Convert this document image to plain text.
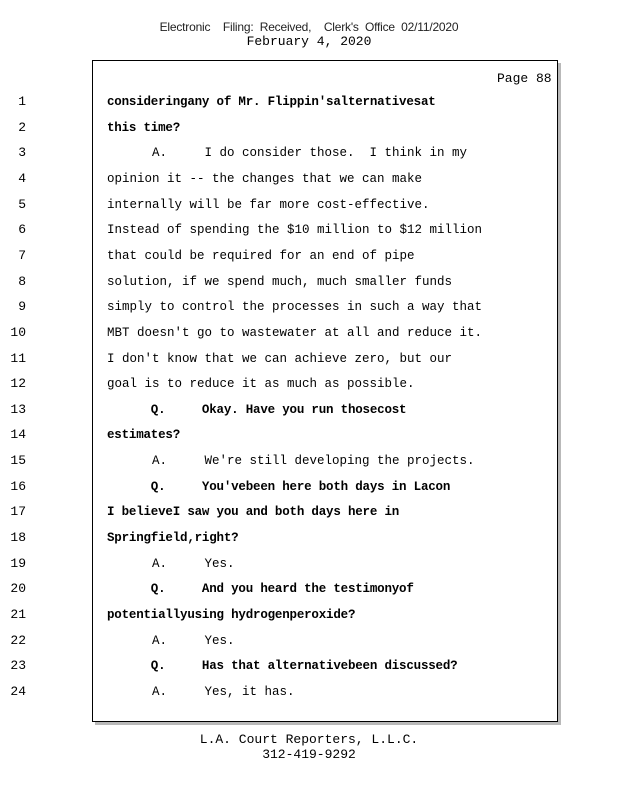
Electronic    Filing:  Received,    Clerk's  Office  02/11/2020
February 4, 2020
Page 88
1	consideringany of Mr. Flippin'salternativesat
2	this time?
3	A.     I do consider those.  I think in my
4	opinion it -- the changes that we can make
5	internally will be far more cost-effective.
6	Instead of spending the $10 million to $12 million
7	that could be required for an end of pipe
8	solution, if we spend much, much smaller funds
9	simply to control the processes in such a way that
10	MBT doesn't go to wastewater at all and reduce it.
11	I don't know that we can achieve zero, but our
12	goal is to reduce it as much as possible.
13	Q.     Okay. Have you run thosecost
14	estimates?
15	A.     We're still developing the projects.
16	Q.     You'vebeen here both days in Lacon
17	I believeI saw you and both days here in
18	Springfield,right?
19	A.     Yes.
20	Q.     And you heard the testimonyof
21	potentiallyusing hydrogenperoxide?
22	A.     Yes.
23	Q.     Has that alternativebeen discussed?
24	A.     Yes, it has.
L.A. Court Reporters, L.L.C.
312-419-9292
